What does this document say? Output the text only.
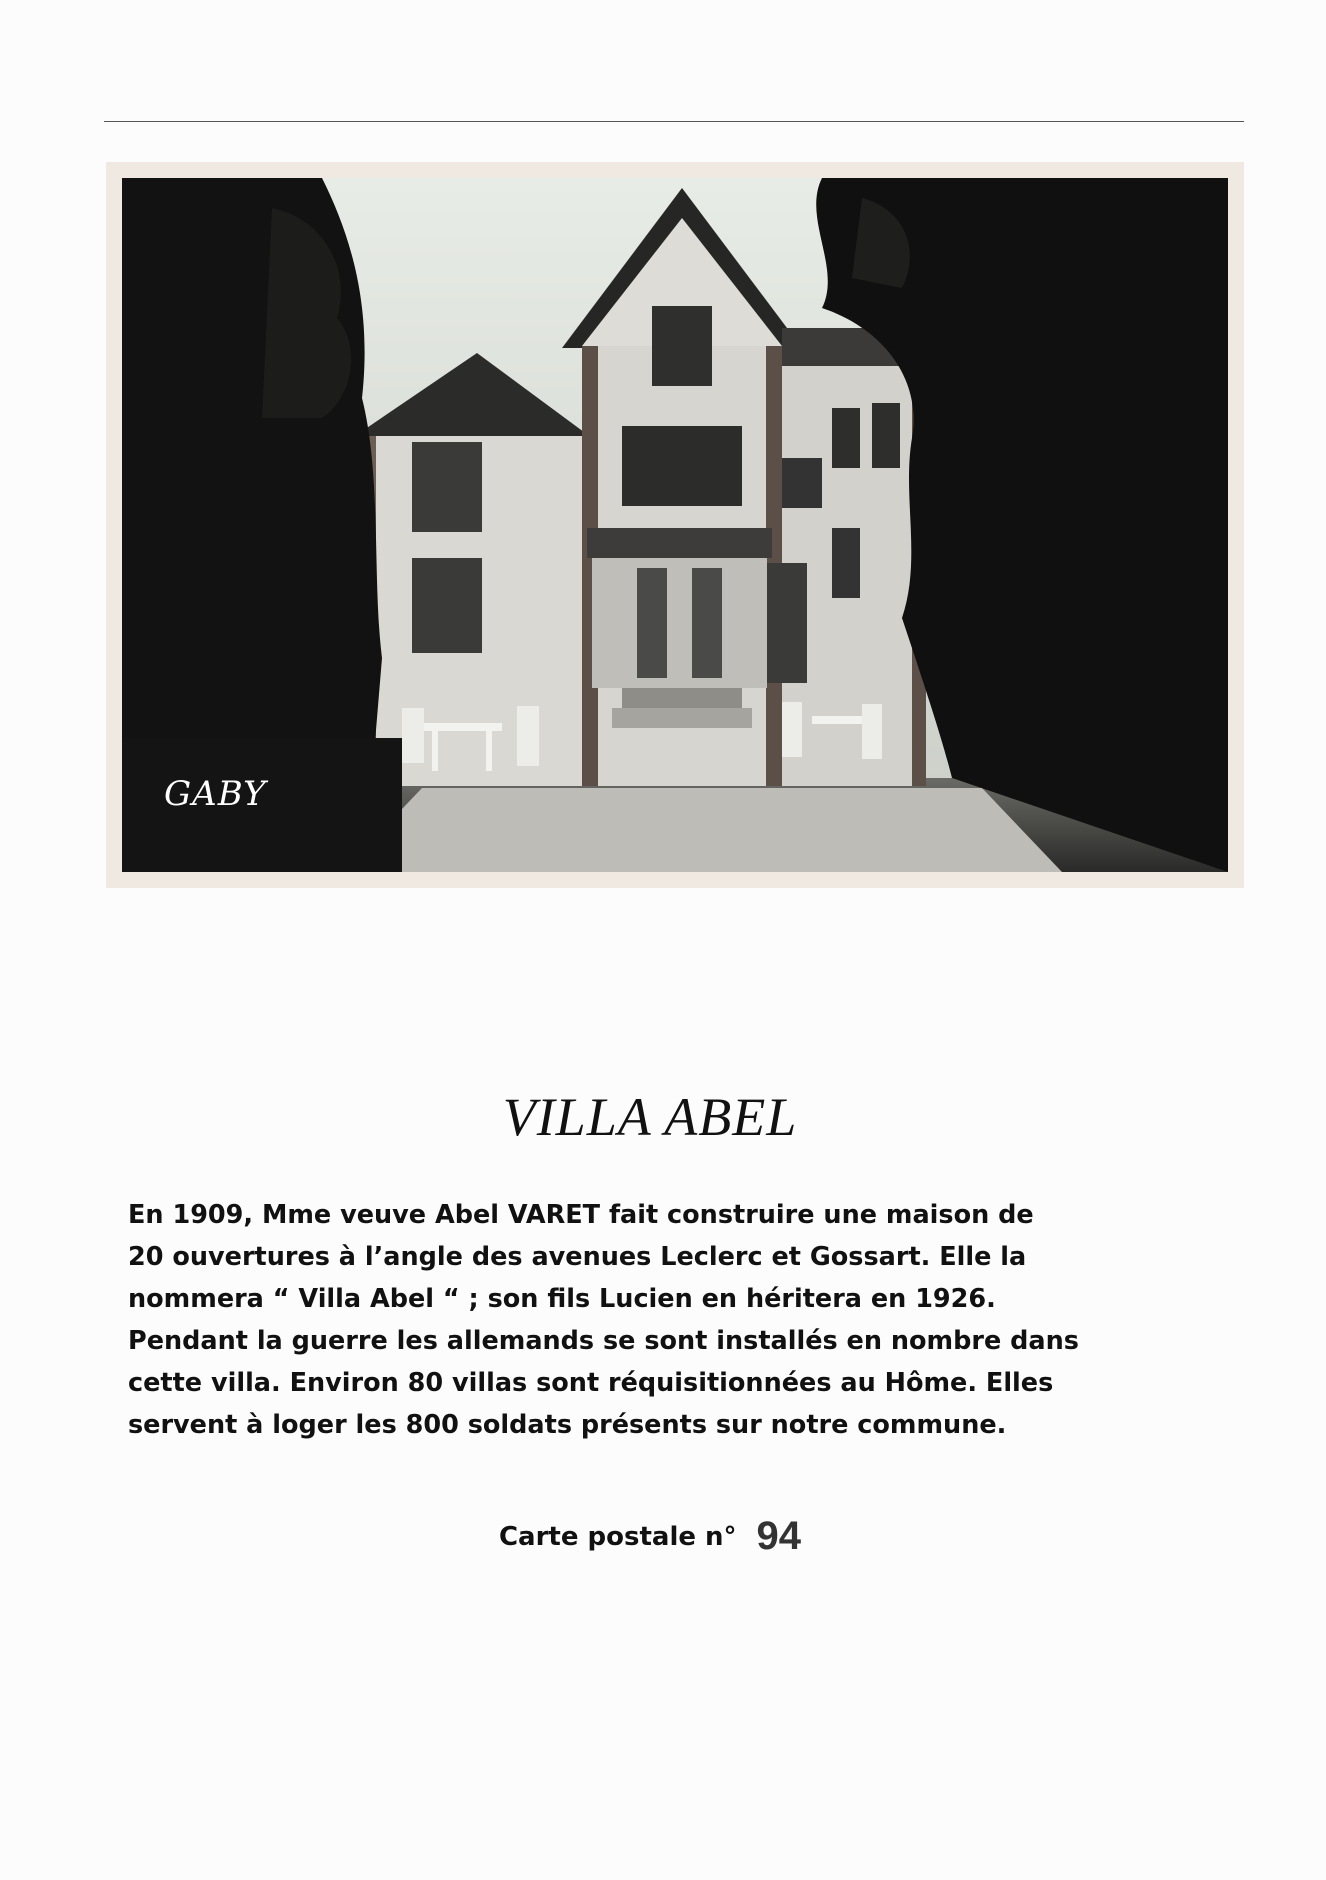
GABY
VILLA ABEL

En 1909, Mme veuve Abel VARET fait construire une maison de
20 ouvertures à l’angle des avenues Leclerc et Gossart. Elle la
nommera “ Villa Abel “ ; son fils Lucien en héritera en 1926.
Pendant la guerre les allemands se sont installés en nombre dans
cette villa. Environ 80 villas sont réquisitionnées au Hôme. Elles
servent à loger les 800 soldats présents sur notre commune.

Carte postale n° 94
